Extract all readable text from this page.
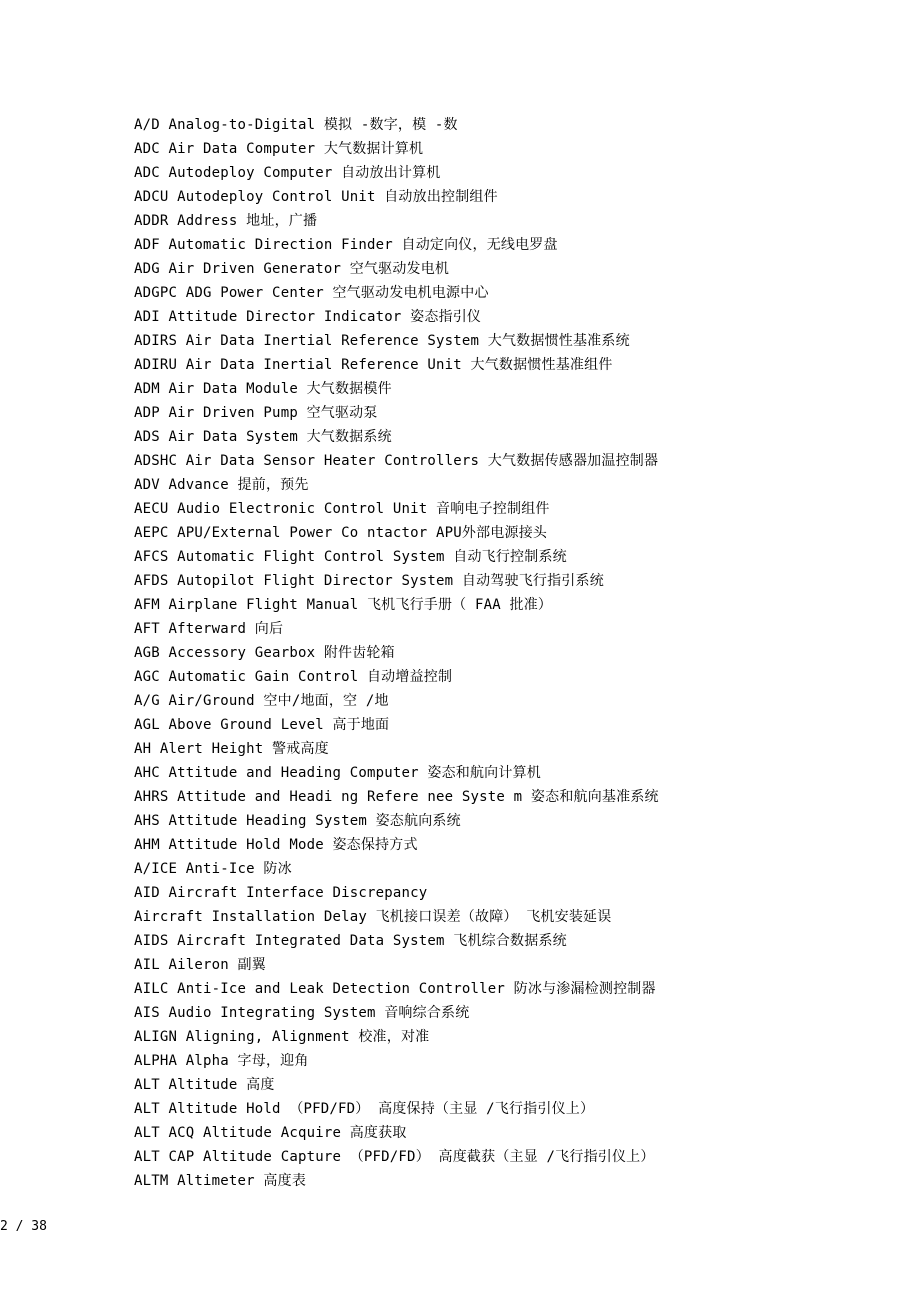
A/D Analog-to-Digital 模拟 -数字，模 -数
ADC Air Data Computer 大气数据计算机
ADC Autodeploy Computer 自动放出计算机
ADCU Autodeploy Control Unit 自动放出控制组件
ADDR Address 地址，广播
ADF Automatic Direction Finder 自动定向仪，无线电罗盘
ADG Air Driven Generator 空气驱动发电机
ADGPC ADG Power Center 空气驱动发电机电源中心
ADI Attitude Director Indicator 姿态指引仪
ADIRS Air Data Inertial Reference System 大气数据惯性基准系统
ADIRU Air Data Inertial Reference Unit 大气数据惯性基准组件
ADM Air Data Module 大气数据模件
ADP Air Driven Pump 空气驱动泵
ADS Air Data System 大气数据系统
ADSHC Air Data Sensor Heater Controllers 大气数据传感器加温控制器
ADV Advance 提前，预先
AECU Audio Electronic Control Unit 音响电子控制组件
AEPC APU/External Power Co ntactor APU外部电源接头
AFCS Automatic Flight Control System 自动飞行控制系统
AFDS Autopilot Flight Director System 自动驾驶飞行指引系统
AFM Airplane Flight Manual 飞机飞行手册（ FAA 批准）
AFT Afterward 向后
AGB Accessory Gearbox 附件齿轮箱
AGC Automatic Gain Control 自动增益控制
A/G Air/Ground 空中/地面，空 /地
AGL Above Ground Level 高于地面
AH Alert Height 警戒高度
AHC Attitude and Heading Computer 姿态和航向计算机
AHRS Attitude and Headi ng Refere nee Syste m 姿态和航向基准系统
AHS Attitude Heading System 姿态航向系统
AHM Attitude Hold Mode 姿态保持方式
A/ICE Anti-Ice 防冰
AID Aircraft Interface Discrepancy
Aircraft Installation Delay 飞机接口误差（故障） 飞机安装延误
AIDS Aircraft Integrated Data System 飞机综合数据系统
AIL Aileron 副翼
AILC Anti-Ice and Leak Detection Controller 防冰与渗漏检测控制器
AIS Audio Integrating System 音响综合系统
ALIGN Aligning, Alignment 校准，对准
ALPHA Alpha 字母，迎角
ALT Altitude 高度
ALT Altitude Hold （PFD/FD） 高度保持（主显 /飞行指引仪上）
ALT ACQ Altitude Acquire 高度获取
ALT CAP Altitude Capture （PFD/FD） 高度截获（主显 /飞行指引仪上）
ALTM Altimeter 高度表
2 / 38
